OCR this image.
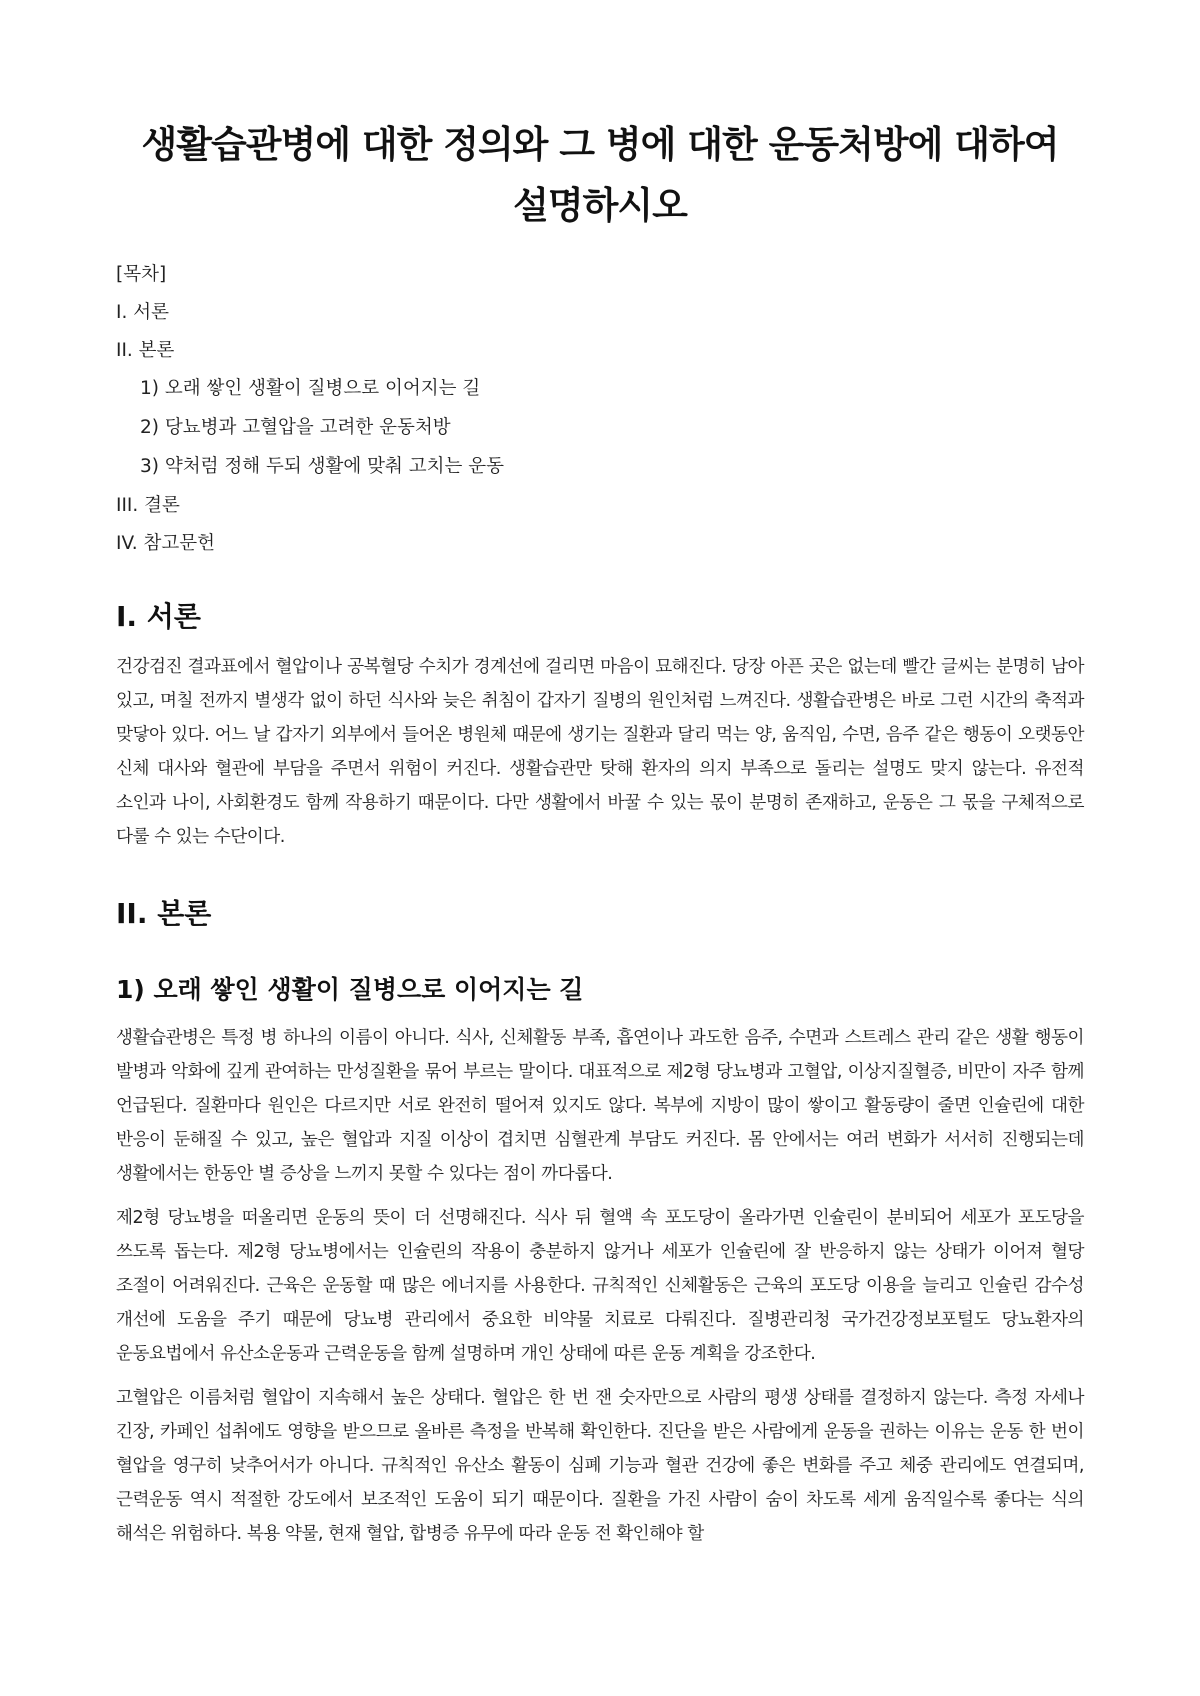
생활습관병에 대한 정의와 그 병에 대한 운동처방에 대하여 설명하시오
[목차]
I. 서론
II. 본론
1) 오래 쌓인 생활이 질병으로 이어지는 길
2) 당뇨병과 고혈압을 고려한 운동처방
3) 약처럼 정해 두되 생활에 맞춰 고치는 운동
III. 결론
IV. 참고문헌
I. 서론

건강검진 결과표에서 혈압이나 공복혈당 수치가 경계선에 걸리면 마음이 묘해진다. 당장 아픈 곳은 없는데 빨간 글씨는 분명히 남아 있고, 며칠 전까지 별생각 없이 하던 식사와 늦은 취침이 갑자기 질병의 원인처럼 느껴진다. 생활습관병은 바로 그런 시간의 축적과 맞닿아 있다. 어느 날 갑자기 외부에서 들어온 병원체 때문에 생기는 질환과 달리 먹는 양, 움직임, 수면, 음주 같은 행동이 오랫동안 신체 대사와 혈관에 부담을 주면서 위험이 커진다. 생활습관만 탓해 환자의 의지 부족으로 돌리는 설명도 맞지 않는다. 유전적 소인과 나이, 사회환경도 함께 작용하기 때문이다. 다만 생활에서 바꿀 수 있는 몫이 분명히 존재하고, 운동은 그 몫을 구체적으로 다룰 수 있는 수단이다.

II. 본론
1) 오래 쌓인 생활이 질병으로 이어지는 길

생활습관병은 특정 병 하나의 이름이 아니다. 식사, 신체활동 부족, 흡연이나 과도한 음주, 수면과 스트레스 관리 같은 생활 행동이 발병과 악화에 깊게 관여하는 만성질환을 묶어 부르는 말이다. 대표적으로 제2형 당뇨병과 고혈압, 이상지질혈증, 비만이 자주 함께 언급된다. 질환마다 원인은 다르지만 서로 완전히 떨어져 있지도 않다. 복부에 지방이 많이 쌓이고 활동량이 줄면 인슐린에 대한 반응이 둔해질 수 있고, 높은 혈압과 지질 이상이 겹치면 심혈관계 부담도 커진다. 몸 안에서는 여러 변화가 서서히 진행되는데 생활에서는 한동안 별 증상을 느끼지 못할 수 있다는 점이 까다롭다.

제2형 당뇨병을 떠올리면 운동의 뜻이 더 선명해진다. 식사 뒤 혈액 속 포도당이 올라가면 인슐린이 분비되어 세포가 포도당을 쓰도록 돕는다. 제2형 당뇨병에서는 인슐린의 작용이 충분하지 않거나 세포가 인슐린에 잘 반응하지 않는 상태가 이어져 혈당 조절이 어려워진다. 근육은 운동할 때 많은 에너지를 사용한다. 규칙적인 신체활동은 근육의 포도당 이용을 늘리고 인슐린 감수성 개선에 도움을 주기 때문에 당뇨병 관리에서 중요한 비약물 치료로 다뤄진다. 질병관리청 국가건강정보포털도 당뇨환자의 운동요법에서 유산소운동과 근력운동을 함께 설명하며 개인 상태에 따른 운동 계획을 강조한다.

고혈압은 이름처럼 혈압이 지속해서 높은 상태다. 혈압은 한 번 잰 숫자만으로 사람의 평생 상태를 결정하지 않는다. 측정 자세나 긴장, 카페인 섭취에도 영향을 받으므로 올바른 측정을 반복해 확인한다. 진단을 받은 사람에게 운동을 권하는 이유는 운동 한 번이 혈압을 영구히 낮추어서가 아니다. 규칙적인 유산소 활동이 심폐 기능과 혈관 건강에 좋은 변화를 주고 체중 관리에도 연결되며, 근력운동 역시 적절한 강도에서 보조적인 도움이 되기 때문이다. 질환을 가진 사람이 숨이 차도록 세게 움직일수록 좋다는 식의 해석은 위험하다. 복용 약물, 현재 혈압, 합병증 유무에 따라 운동 전 확인해야 할
